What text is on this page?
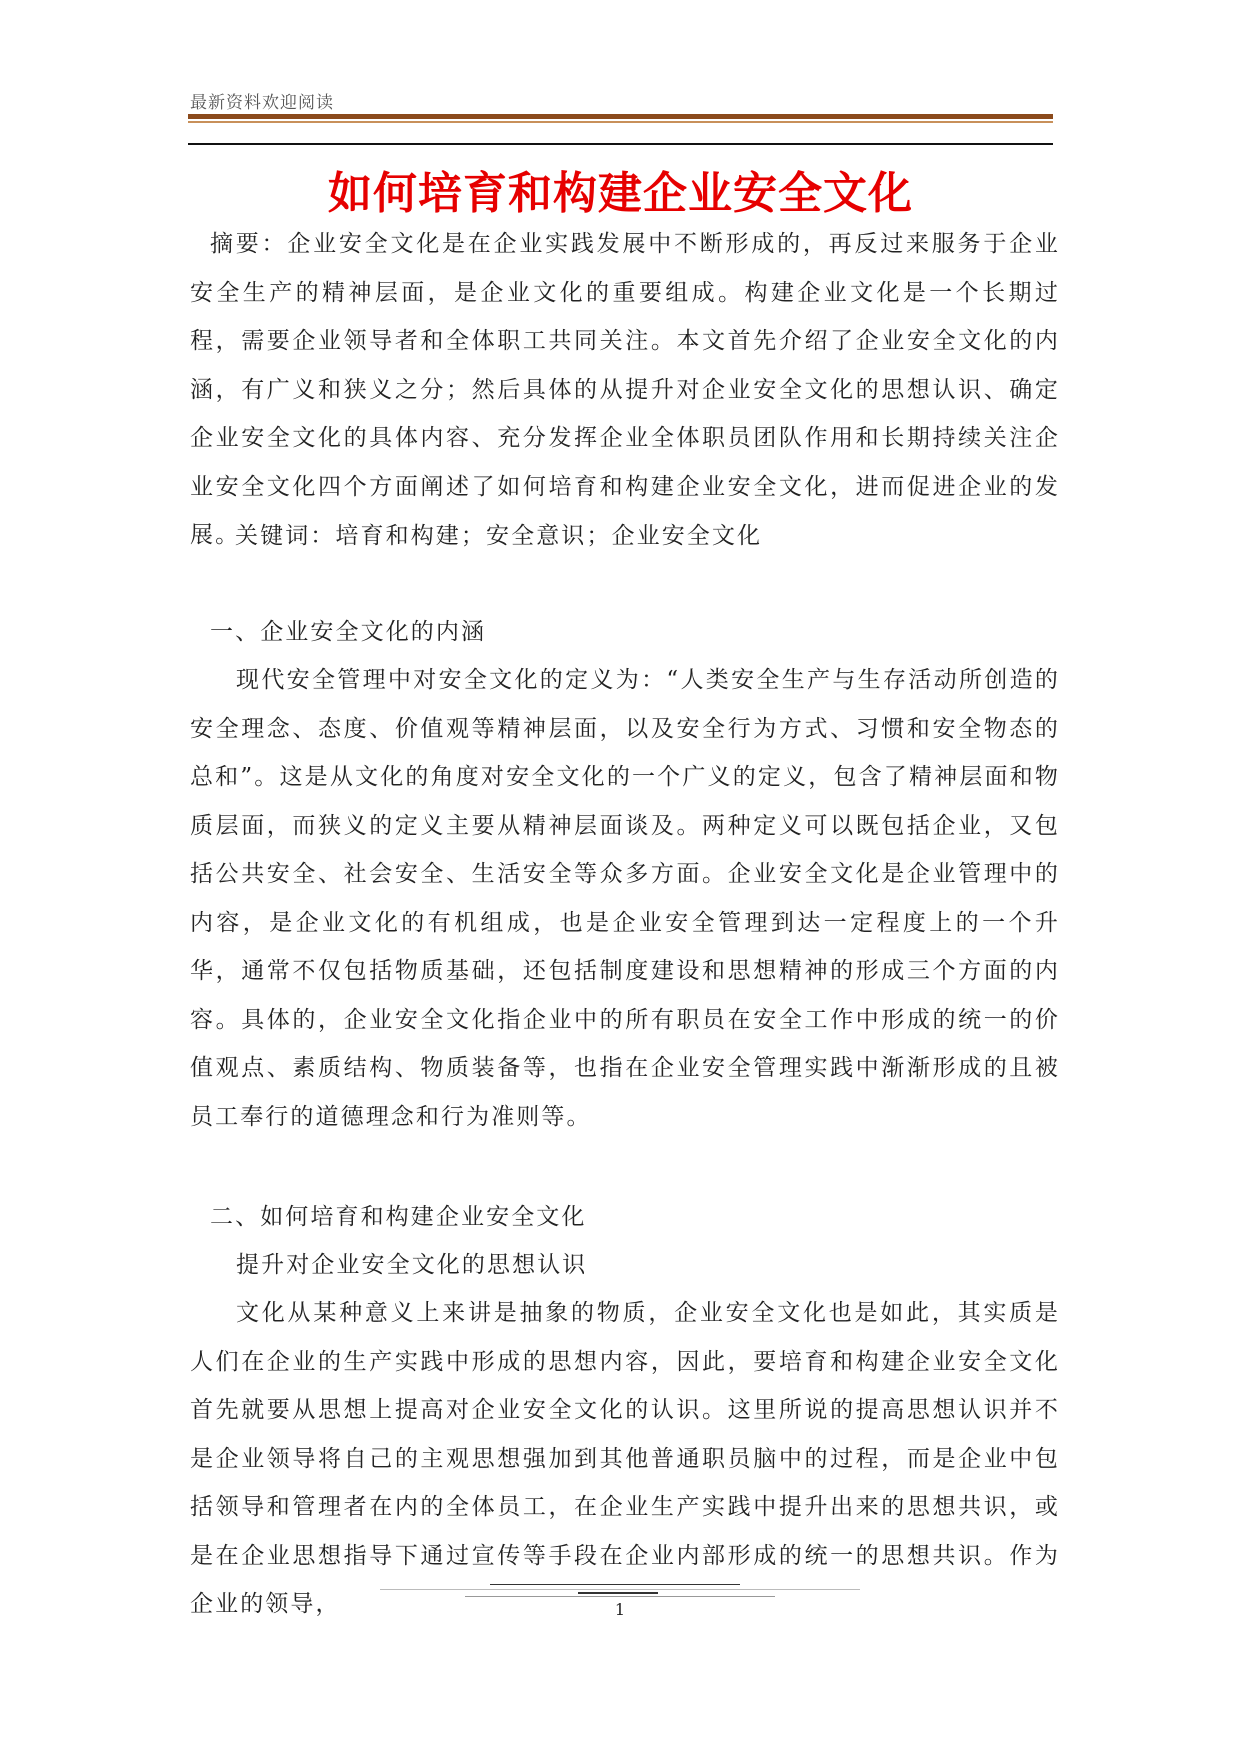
最新资料欢迎阅读
如何培育和构建企业安全文化

摘要：企业安全文化是在企业实践发展中不断形成的，再反过来服务于企业安全生产的精神层面，是企业文化的重要组成。构建企业文化是一个长期过程，需要企业领导者和全体职工共同关注。本文首先介绍了企业安全文化的内涵，有广义和狭义之分；然后具体的从提升对企业安全文化的思想认识、确定企业安全文化的具体内容、充分发挥企业全体职员团队作用和长期持续关注企业安全文化四个方面阐述了如何培育和构建企业安全文化，进而促进企业的发展。

关键词：培育和构建；安全意识；企业安全文化

一、企业安全文化的内涵

现代安全管理中对安全文化的定义为：“人类安全生产与生存活动所创造的安全理念、态度、价值观等精神层面，以及安全行为方式、习惯和安全物态的总和”。这是从文化的角度对安全文化的一个广义的定义，包含了精神层面和物质层面，而狭义的定义主要从精神层面谈及。两种定义可以既包括企业，又包括公共安全、社会安全、生活安全等众多方面。企业安全文化是企业管理中的内容，是企业文化的有机组成，也是企业安全管理到达一定程度上的一个升华，通常不仅包括物质基础，还包括制度建设和思想精神的形成三个方面的内容。具体的，企业安全文化指企业中的所有职员在安全工作中形成的统一的价值观点、素质结构、物质装备等，也指在企业安全管理实践中渐渐形成的且被员工奉行的道德理念和行为准则等。

二、如何培育和构建企业安全文化

提升对企业安全文化的思想认识

文化从某种意义上来讲是抽象的物质，企业安全文化也是如此，其实质是人们在企业的生产实践中形成的思想内容，因此，要培育和构建企业安全文化首先就要从思想上提高对企业安全文化的认识。这里所说的提高思想认识并不是企业领导将自己的主观思想强加到其他普通职员脑中的过程，而是企业中包括领导和管理者在内的全体员工，在企业生产实践中提升出来的思想共识，或是在企业思想指导下通过宣传等手段在企业内部形成的统一的思想共识。作为企业的领导，	1
